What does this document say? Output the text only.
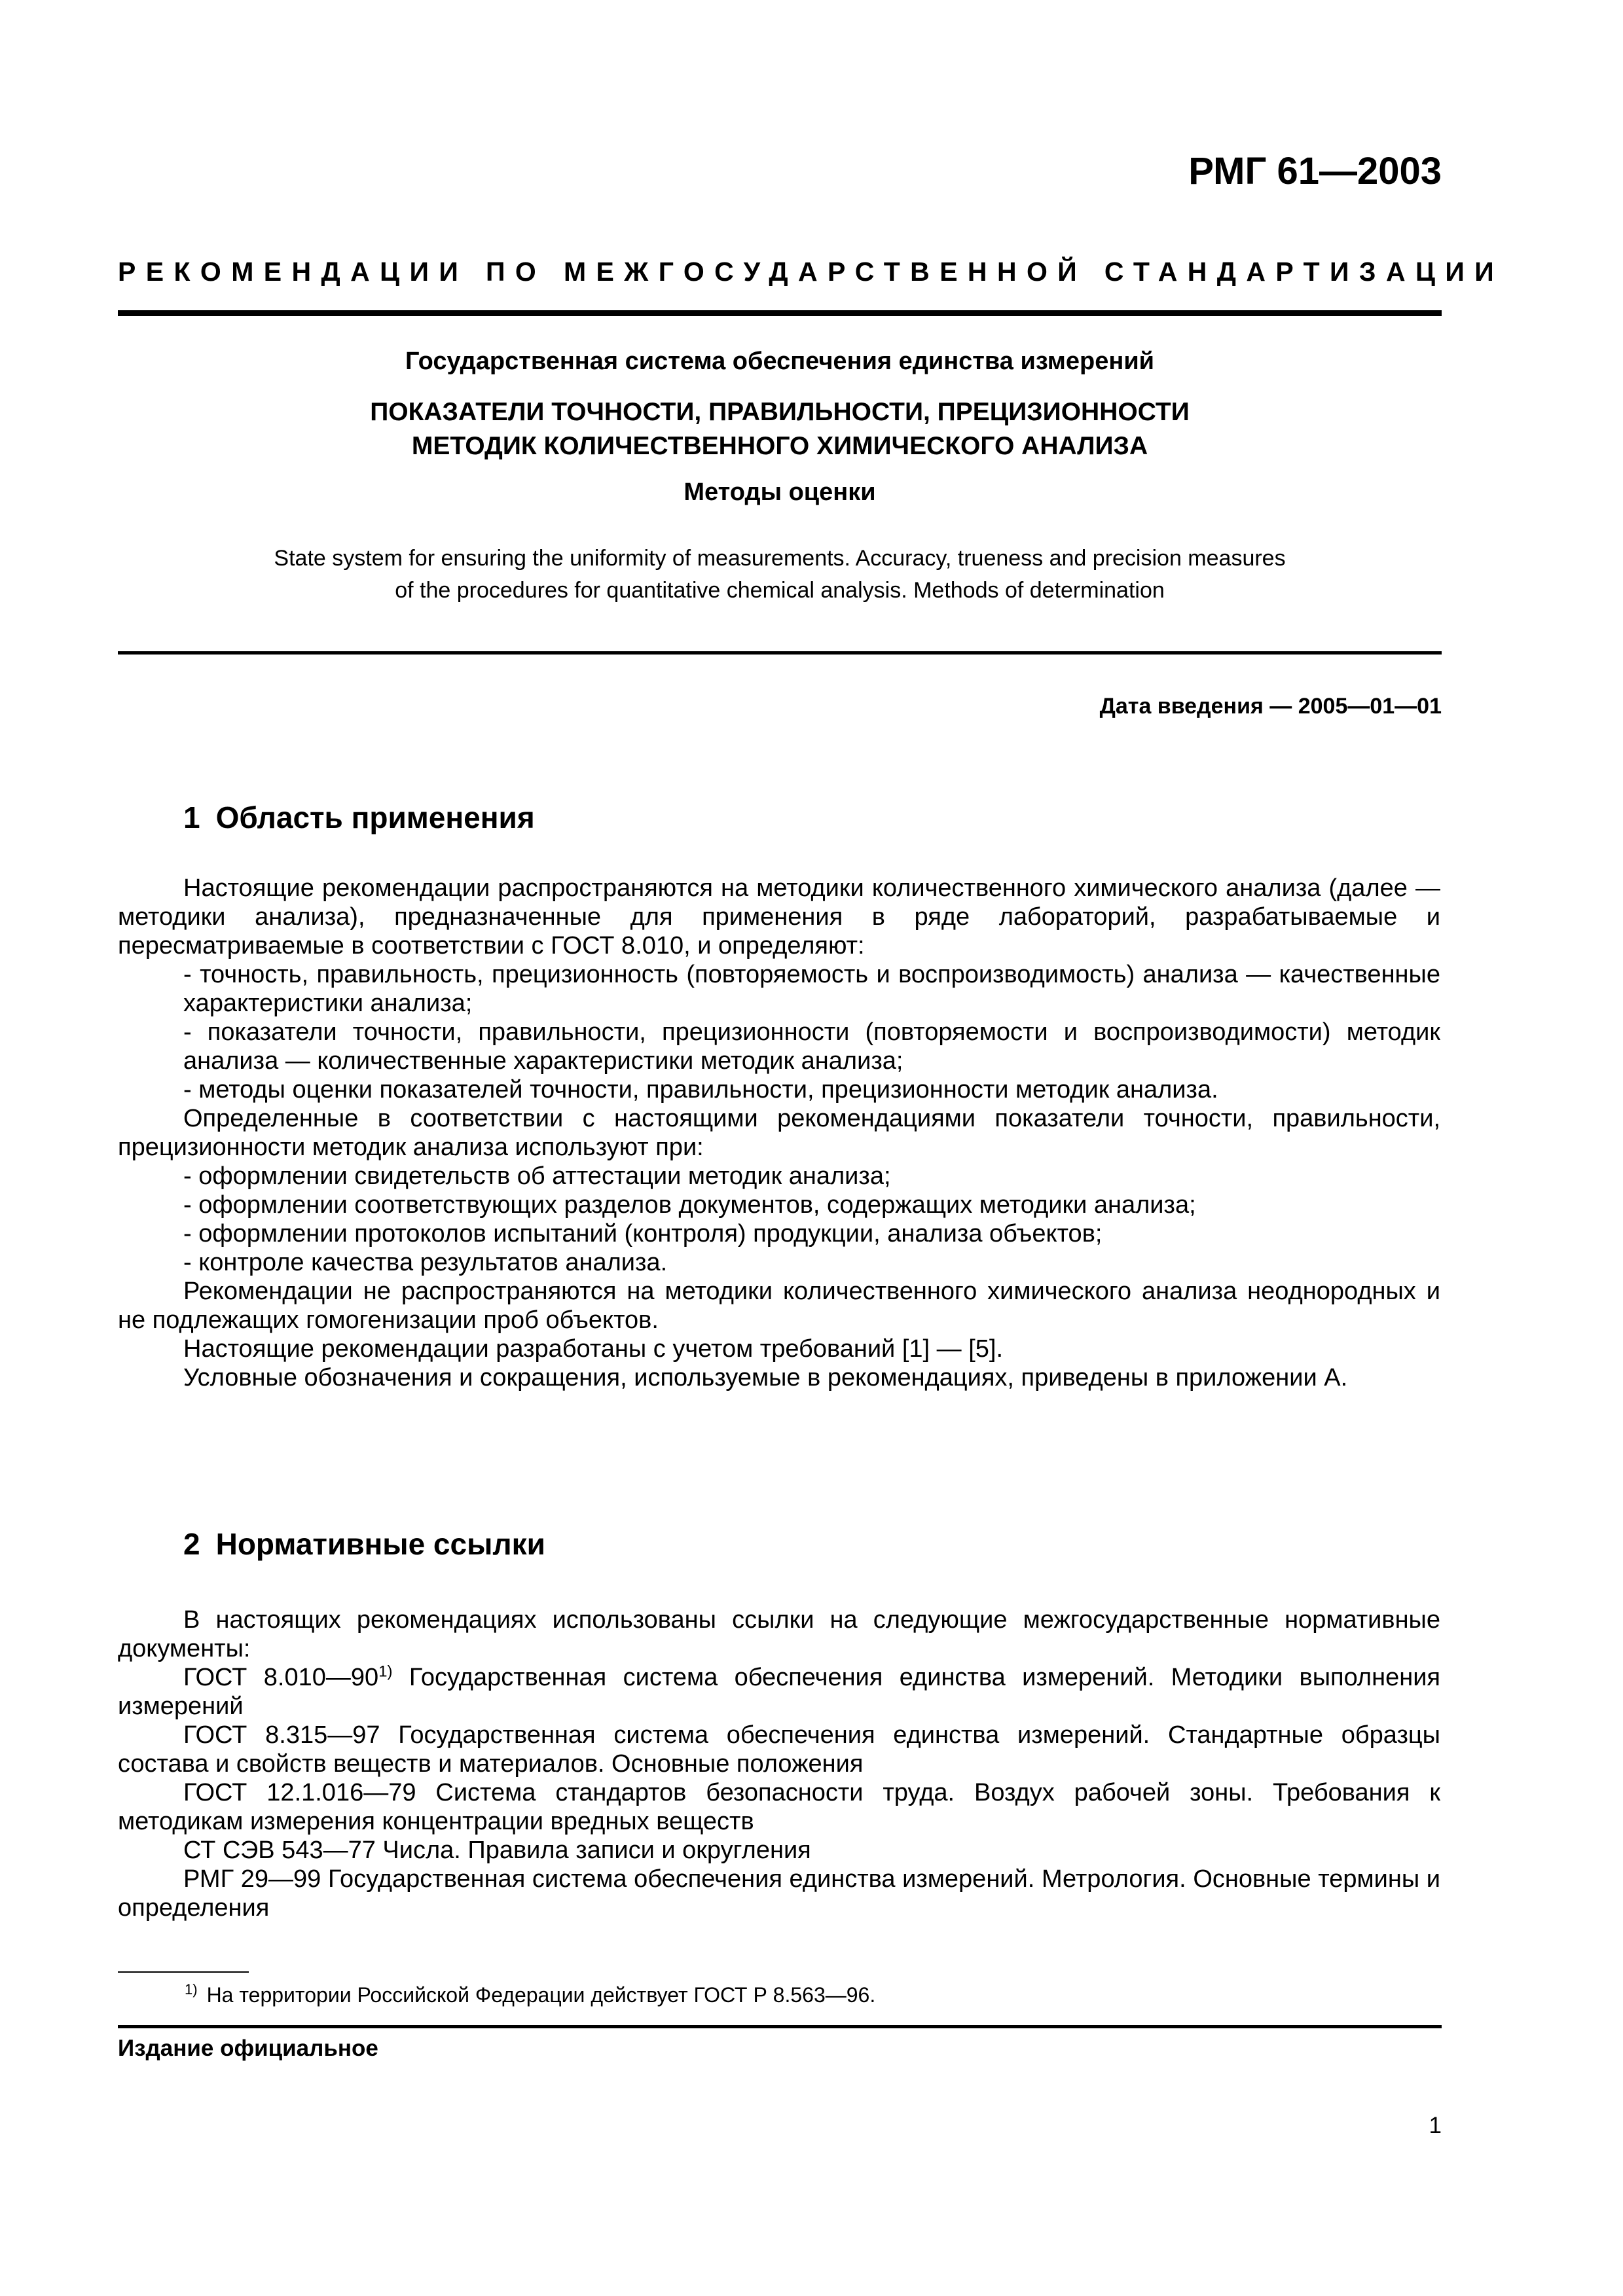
РМГ 61—2003
РЕКОМЕНДАЦИИ ПО МЕЖГОСУДАРСТВЕННОЙ СТАНДАРТИЗАЦИИ
Государственная система обеспечения единства измерений
ПОКАЗАТЕЛИ ТОЧНОСТИ, ПРАВИЛЬНОСТИ, ПРЕЦИЗИОННОСТИ
МЕТОДИК КОЛИЧЕСТВЕННОГО ХИМИЧЕСКОГО АНАЛИЗА
Методы оценки
State system for ensuring the uniformity of measurements. Accuracy, trueness and precision measures
of the procedures for quantitative chemical analysis. Methods of determination
Дата введения — 2005—01—01
1 Область применения

Настоящие рекомендации распространяются на методики количественного химического анализа (далее — методики анализа), предназначенные для применения в ряде лабораторий, разрабатываемые и пересматриваемые в соответствии с ГОСТ 8.010, и определяют:

- точность, правильность, прецизионность (повторяемость и воспроизводимость) анализа — качественные характеристики анализа;

- показатели точности, правильности, прецизионности (повторяемости и воспроизводимости) методик анализа — количественные характеристики методик анализа;

- методы оценки показателей точности, правильности, прецизионности методик анализа.

Определенные в соответствии с настоящими рекомендациями показатели точности, правильности, прецизионности методик анализа используют при:

- оформлении свидетельств об аттестации методик анализа;

- оформлении соответствующих разделов документов, содержащих методики анализа;

- оформлении протоколов испытаний (контроля) продукции, анализа объектов;

- контроле качества результатов анализа.

Рекомендации не распространяются на методики количественного химического анализа неоднородных и не подлежащих гомогенизации проб объектов.

Настоящие рекомендации разработаны с учетом требований [1] — [5].

Условные обозначения и сокращения, используемые в рекомендациях, приведены в приложении А.

2 Нормативные ссылки

В настоящих рекомендациях использованы ссылки на следующие межгосударственные нормативные документы:

ГОСТ 8.010—90$^{1)}$ Государственная система обеспечения единства измерений. Методики выполнения измерений

ГОСТ 8.315—97 Государственная система обеспечения единства измерений. Стандартные образцы состава и свойств веществ и материалов. Основные положения

ГОСТ 12.1.016—79 Система стандартов безопасности труда. Воздух рабочей зоны. Требования к методикам измерения концентрации вредных веществ

СТ СЭВ 543—77 Числа. Правила записи и округления

РМГ 29—99 Государственная система обеспечения единства измерений. Метрология. Основные термины и определения

$^{1)}$ На территории Российской Федерации действует ГОСТ Р 8.563—96.
Издание официальное
1
